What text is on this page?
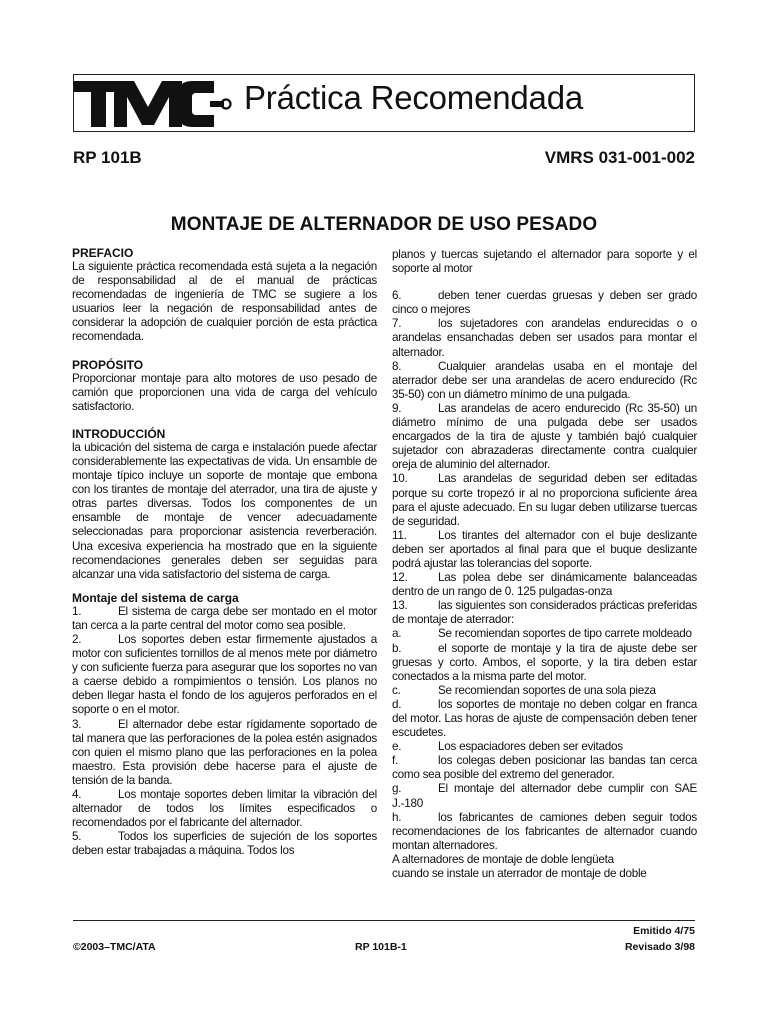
Práctica Recomendada
RP 101B	VMRS 031-001-002
MONTAJE DE ALTERNADOR DE USO PESADO
PREFACIO

La siguiente práctica recomendada está sujeta a la negación de responsabilidad al de el manual de prácticas recomendadas de ingeniería de TMC se sugiere a los usuarios leer la negación de responsabilidad antes de considerar la adopción de cualquier porción de esta práctica recomendada.

PROPÓSITO

Proporcionar montaje para alto motores de uso pesado de camión que proporcionen una vida de carga del vehículo satisfactorio.

INTRODUCCIÓN

la ubicación del sistema de carga e instalación puede afectar considerablemente las expectativas de vida. Un ensamble de montaje típico incluye un soporte de montaje que embona con los tirantes de montaje del aterrador, una tira de ajuste y otras partes diversas. Todos los componentes de un ensamble de montaje de vencer adecuadamente seleccionadas para proporcionar asistencia reverberación. Una excesiva experiencia ha mostrado que en la siguiente recomendaciones generales deben ser seguidas para alcanzar una vida satisfactorio del sistema de carga.

Montaje del sistema de carga

1.	El sistema de carga debe ser montado en el motor tan cerca a la parte central del motor como sea posible.

2.	Los soportes deben estar firmemente ajustados a motor con suficientes tornillos de al menos mete por diámetro y con suficiente fuerza para asegurar que los soportes no van a caerse debido a rompimientos o tensión. Los planos no deben llegar hasta el fondo de los agujeros perforados en el soporte o en el motor.

3.	El alternador debe estar rígidamente soportado de tal manera que las perforaciones de la polea estén asignados con quien el mismo plano que las perforaciones en la polea maestro. Esta provisión debe hacerse para el ajuste de tensión de la banda.

4.	Los montaje soportes deben limitar la vibración del alternador de todos los límites especificados o recomendados por el fabricante del alternador.

5.	Todos los superficies de sujeción de los soportes deben estar trabajadas a máquina. Todos los

planos y tuercas sujetando el alternador para soporte y el soporte al motor

6.	deben tener cuerdas gruesas y deben ser grado cinco o mejores

7.	los sujetadores con arandelas endurecidas o o arandelas ensanchadas deben ser usados para montar el alternador.

8.	Cualquier arandelas usaba en el montaje del aterrador debe ser una arandelas de acero endurecido (Rc 35-50) con un diámetro mínimo de una pulgada.

9.	Las arandelas de acero endurecido (Rc 35-50) un diámetro mínimo de una pulgada debe ser usados encargados de la tira de ajuste y también bajó cualquier sujetador con abrazaderas directamente contra cualquier oreja de aluminio del alternador.

10.	Las arandelas de seguridad deben ser editadas porque su corte tropezó ir al no proporciona suficiente área para el ajuste adecuado. En su lugar deben utilizarse tuercas de seguridad.

11.	Los tirantes del alternador con el buje deslizante deben ser aportados al final para que el buque deslizante podrá ajustar las tolerancias del soporte.

12.	Las polea debe ser dinámicamente balanceadas dentro de un rango de 0. 125 pulgadas-onza

13.	las siguientes son considerados prácticas preferidas de montaje de aterrador:

a.	Se recomiendan soportes de tipo carrete moldeado

b.	el soporte de montaje y la tira de ajuste debe ser gruesas y corto. Ambos, el soporte, y la tira deben estar conectados a la misma parte del motor.

c.	Se recomiendan soportes de una sola pieza

d.	los soportes de montaje no deben colgar en franca del motor. Las horas de ajuste de compensación deben tener escudetes.

e.	Los espaciadores deben ser evitados

f.	los colegas deben posicionar las bandas tan cerca como sea posible del extremo del generador.

g.	El montaje del alternador debe cumplir con SAE J.-180

h.	los fabricantes de camiones deben seguir todos recomendaciones de los fabricantes de alternador cuando montan alternadores.

A alternadores de montaje de doble lengüeta

cuando se instale un aterrador de montaje de doble

Emitido 4/75
©2003–TMC/ATA	RP 101B-1	Revisado 3/98
